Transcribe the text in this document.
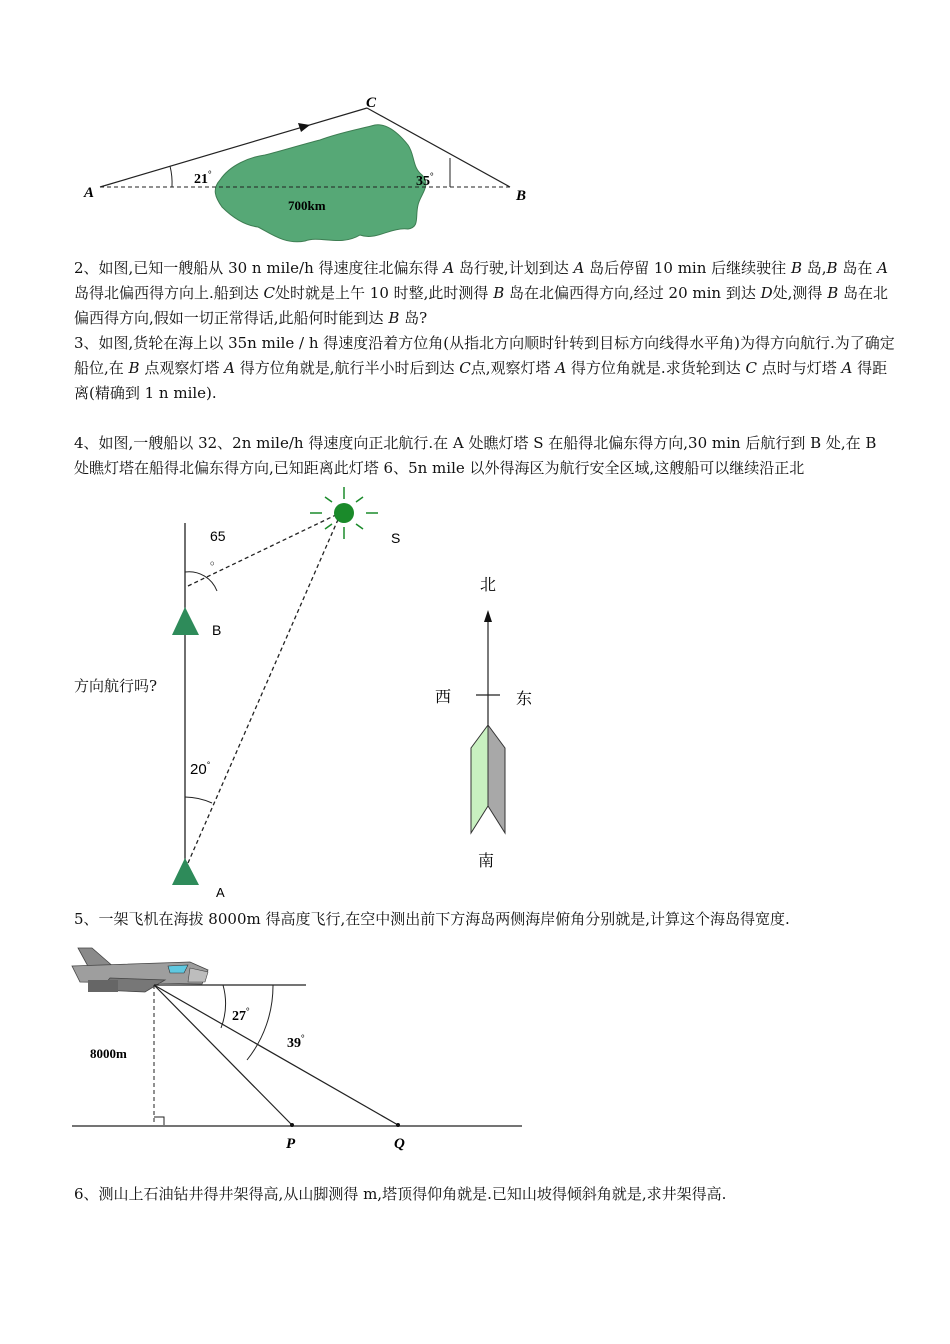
A	B
C
21°	35°
700km
2、如图,已知一艘船从 30 n mile/h 得速度往北偏东得 A 岛行驶,计划到达 A 岛后停留 10 min 后继续驶往 B 岛,B 岛在 A 岛得北偏西得方向上.船到达 C处时就是上午 10 时整,此时测得 B 岛在北偏西得方向,经过 20 min 到达 D处,测得 B 岛在北偏西得方向,假如一切正常得话,此船何时能到达 B 岛?
3、如图,货轮在海上以 35n mile / h 得速度沿着方位角(从指北方向顺时针转到目标方向线得水平角)为得方向航行.为了确定船位,在 B 点观察灯塔 A 得方位角就是,航行半小时后到达 C点,观察灯塔 A 得方位角就是.求货轮到达 C 点时与灯塔 A 得距离(精确到 1 n mile).
4、如图,一艘船以 32、2n mile/h 得速度向正北航行.在 A 处瞧灯塔 S 在船得北偏东得方向,30 min 后航行到 B 处,在 B 处瞧灯塔在船得北偏东得方向,已知距离此灯塔 6、5n mile 以外得海区为航行安全区域,这艘船可以继续沿正北
方向航行吗?
65
。
B
20°
A
S
北
西	东
南
5、一架飞机在海拔 8000m 得高度飞行,在空中测出前下方海岛两侧海岸俯角分别就是,计算这个海岛得宽度.
8000m
27°
39°
P	Q
6、测山上石油钻井得井架得高,从山脚测得 m,塔顶得仰角就是.已知山坡得倾斜角就是,求井架得高.
